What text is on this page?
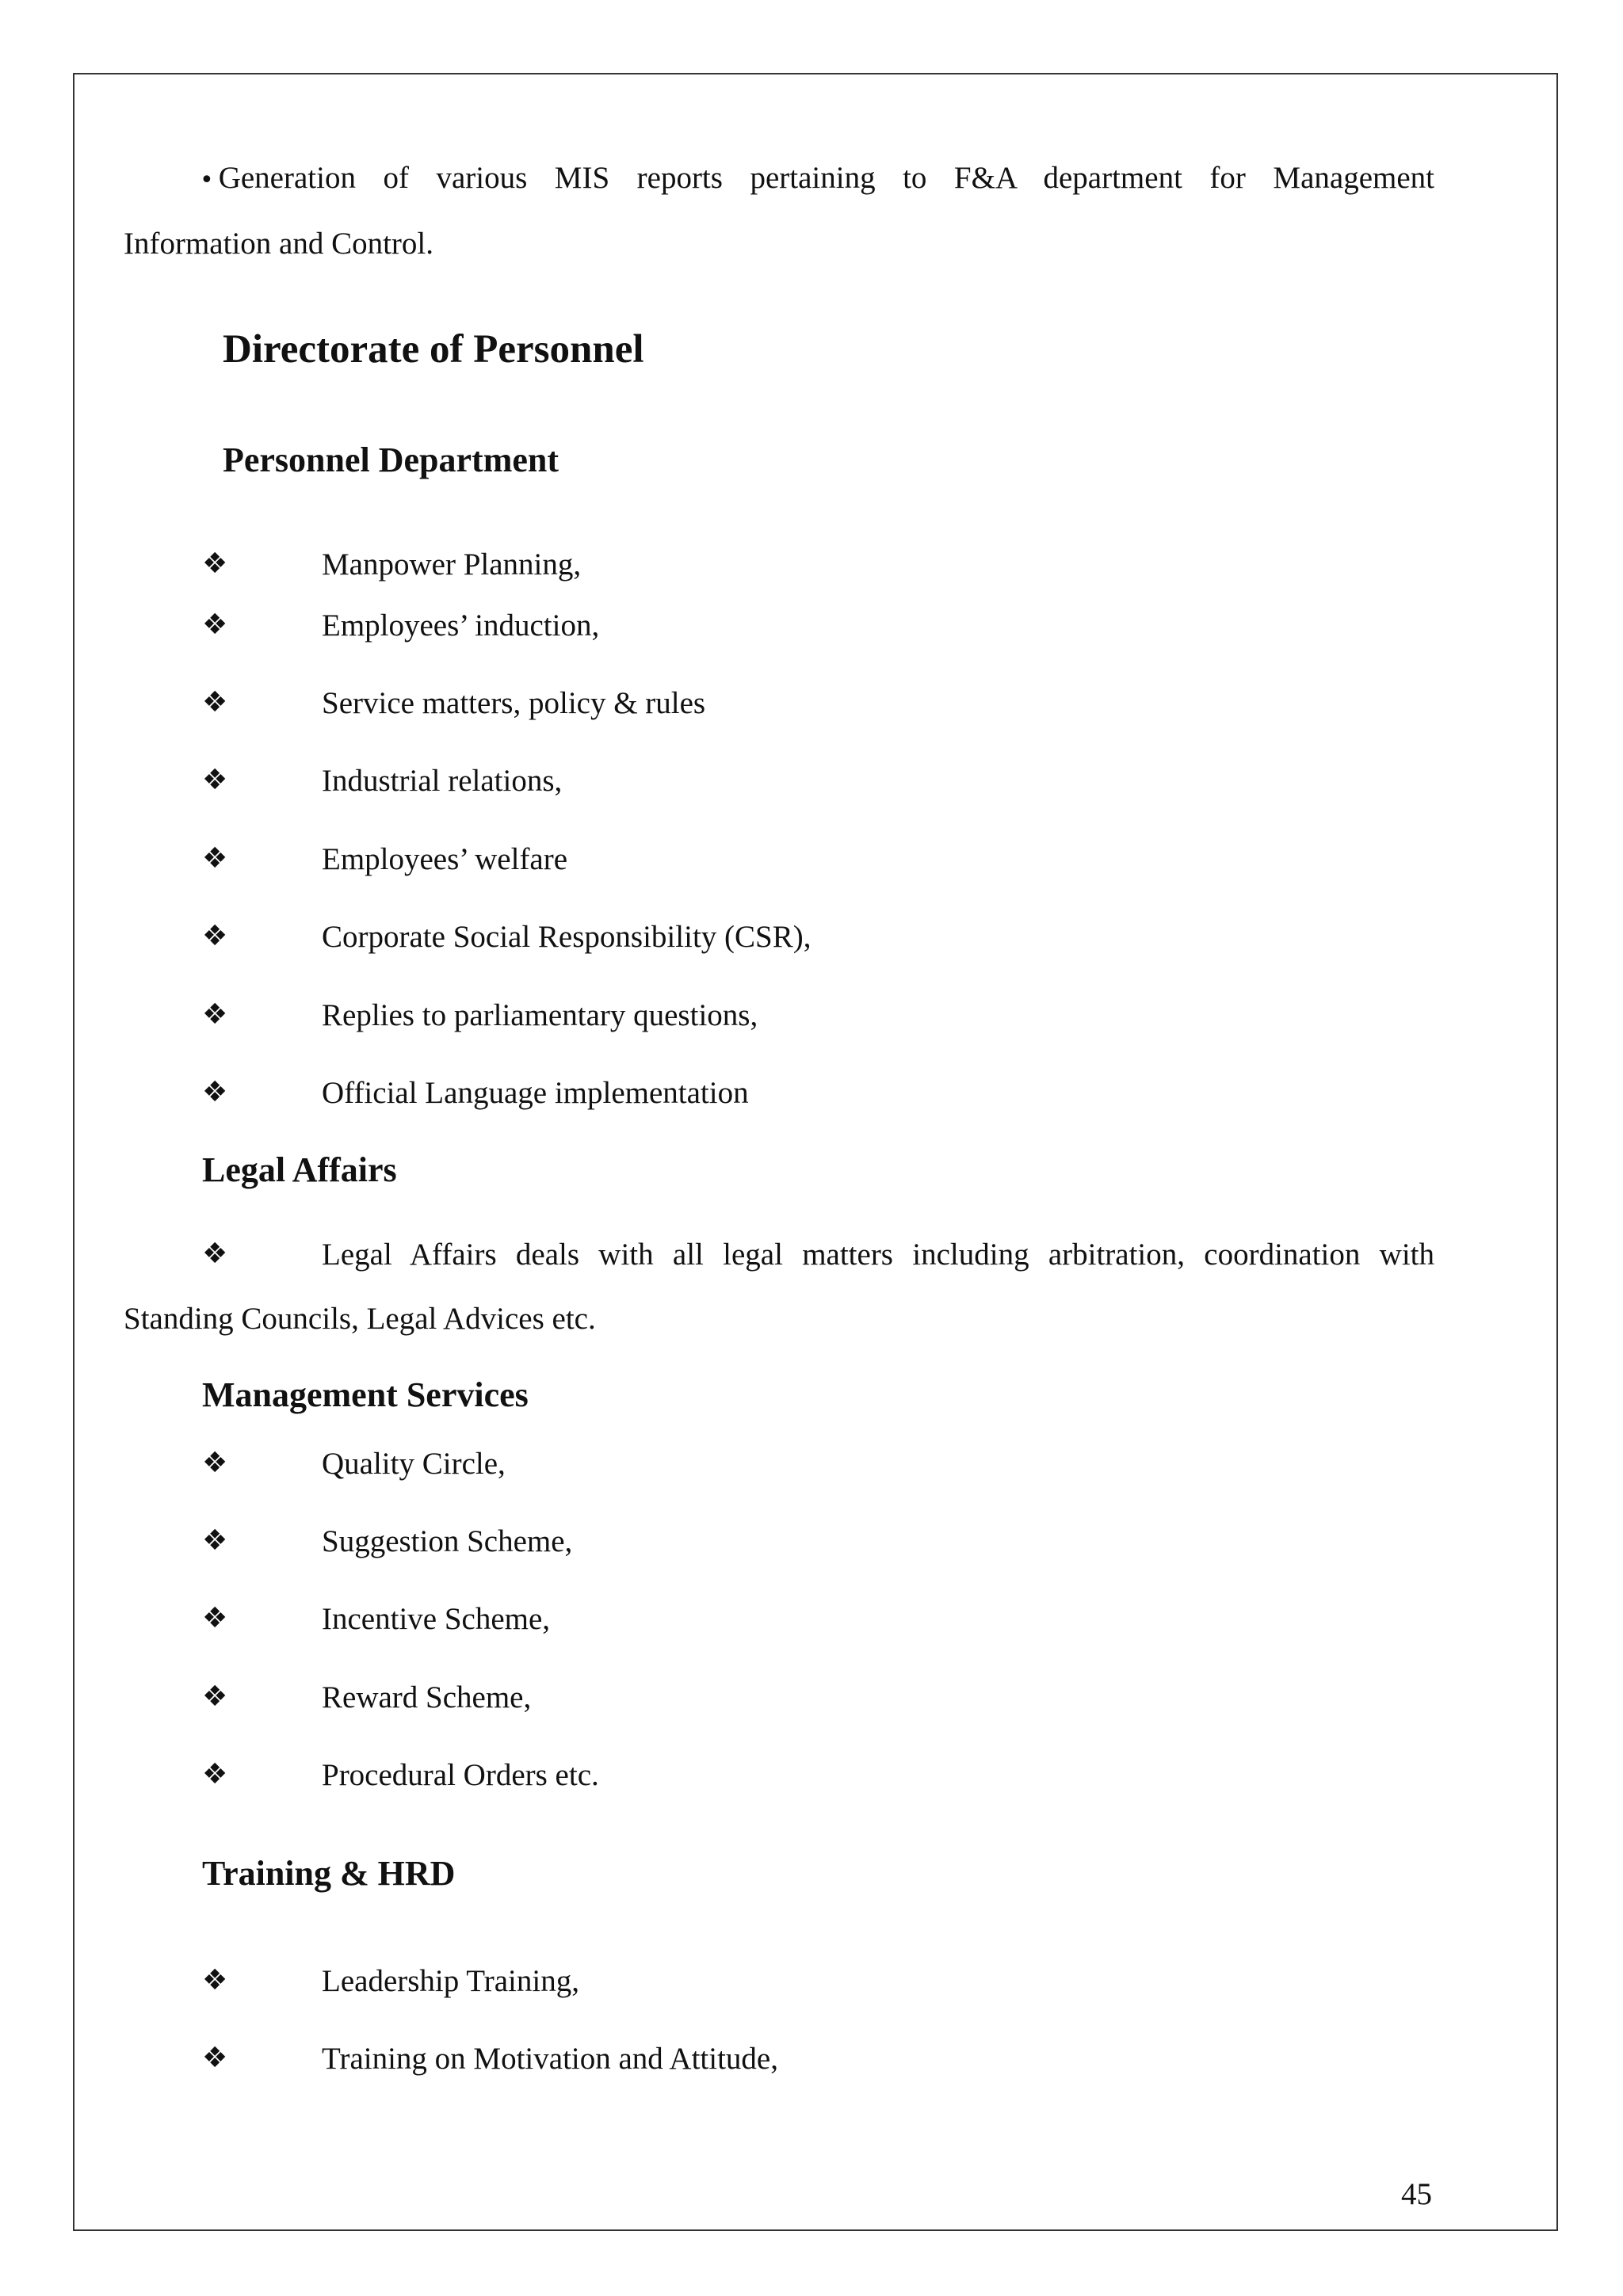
• Generation of various MIS reports pertaining to F&A department for Management
Information and Control.
Directorate of Personnel
Personnel Department
❖	Manpower Planning,
❖	Employees’ induction,
❖	Service matters, policy & rules
❖	Industrial relations,
❖	Employees’ welfare
❖	Corporate Social Responsibility (CSR),
❖	Replies to parliamentary questions,
❖	Official Language implementation
Legal Affairs
❖	Legal Affairs deals with all legal matters including arbitration, coordination with
Standing Councils, Legal Advices etc.
Management Services
❖	Quality Circle,
❖	Suggestion Scheme,
❖	Incentive Scheme,
❖	Reward Scheme,
❖	Procedural Orders etc.
Training & HRD
❖	Leadership Training,
❖	Training on Motivation and Attitude,
45
